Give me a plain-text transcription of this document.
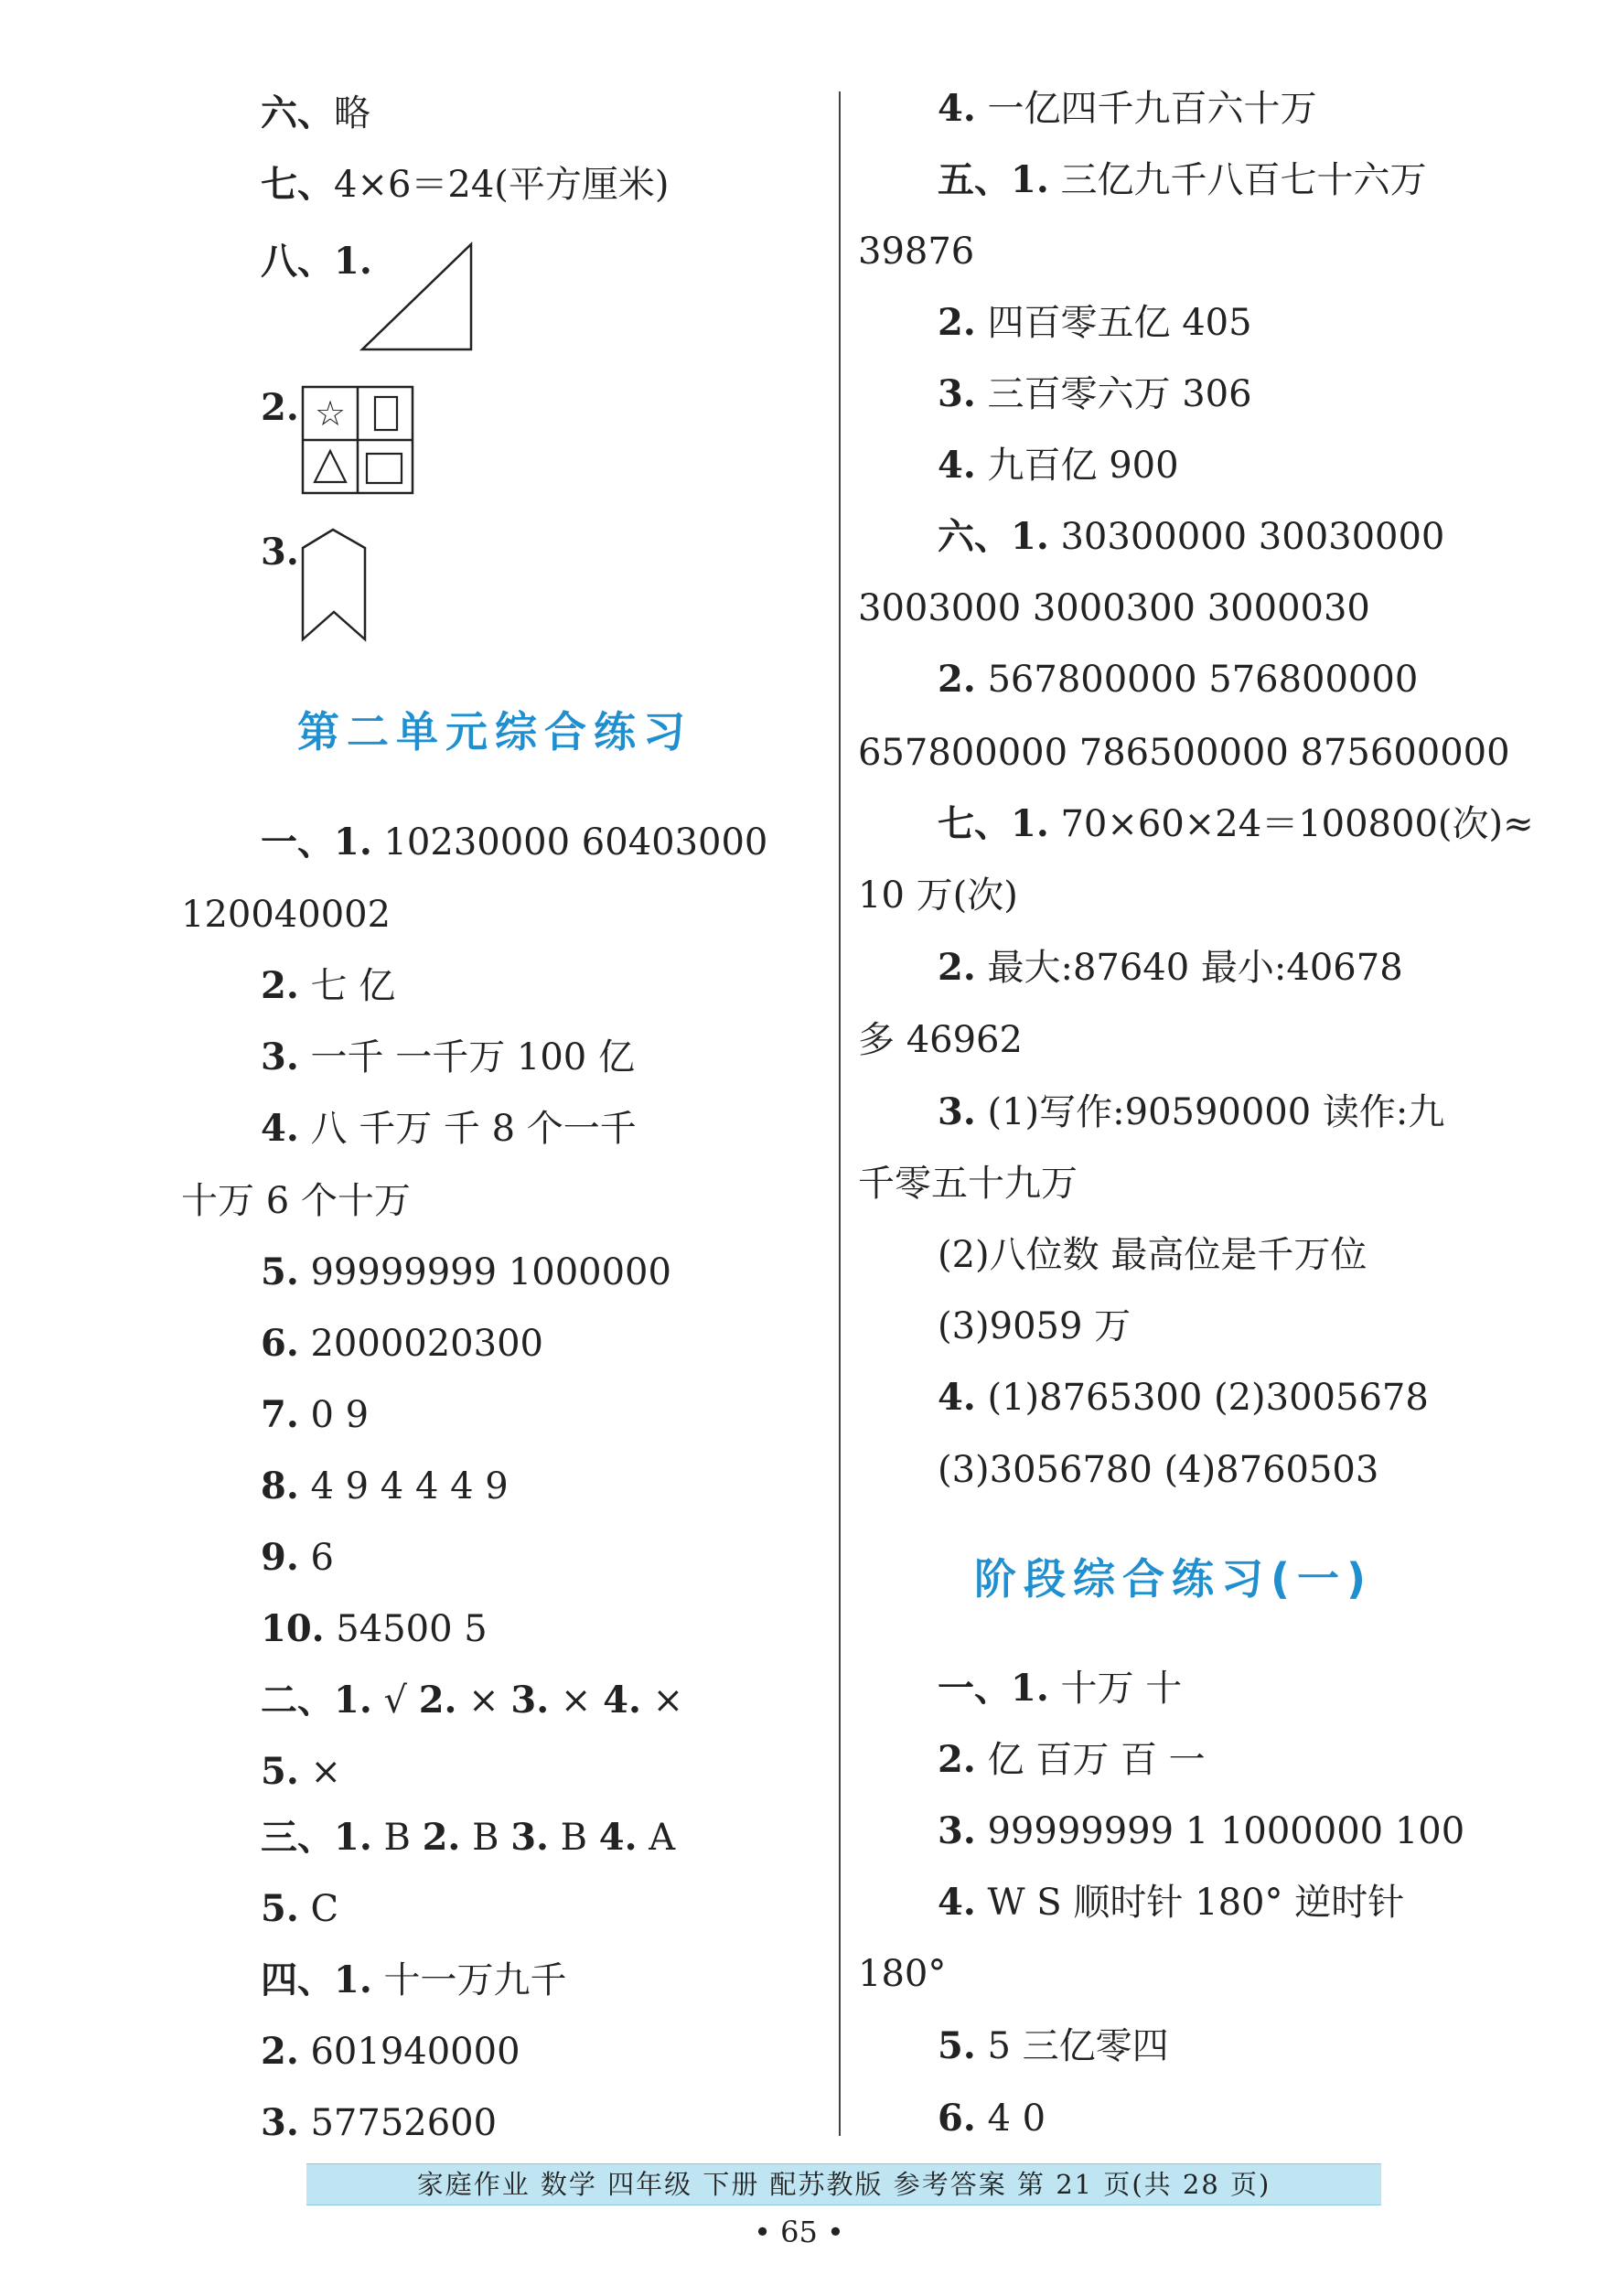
六、略
七、4×6＝24(平方厘米)
八、1.
2. ☆
3.
第二单元综合练习
一、1. 10230000 60403000
120040002
2. 七 亿
3. 一千 一千万 100 亿
4. 八 千万 千 8 个一千
十万 6 个十万
5. 99999999 1000000
6. 2000020300
7. 0 9
8. 4 9 4 4 4 9
9. 6
10. 54500 5
二、1. √ 2. × 3. × 4. ×
5. ×
三、1. B 2. B 3. B 4. A
5. C
四、1. 十一万九千
2. 601940000
3. 57752600
4. 一亿四千九百六十万
五、1. 三亿九千八百七十六万
39876
2. 四百零五亿 405
3. 三百零六万 306
4. 九百亿 900
六、1. 30300000 30030000
3003000 3000300 3000030
2. 567800000 576800000
657800000 786500000 875600000
七、1. 70×60×24＝100800(次)≈
10 万(次)
2. 最大:87640 最小:40678
多 46962
3. (1)写作:90590000 读作:九
千零五十九万
(2)八位数 最高位是千万位
(3)9059 万
4. (1)8765300 (2)3005678
(3)3056780 (4)8760503
阶段综合练习(一)
一、1. 十万 十
2. 亿 百万 百 一
3. 99999999 1 1000000 100
4. W S 顺时针 180° 逆时针
180°
5. 5 三亿零四
6. 4 0
家庭作业 数学 四年级 下册 配苏教版 参考答案 第 21 页(共 28 页)
• 65 •
